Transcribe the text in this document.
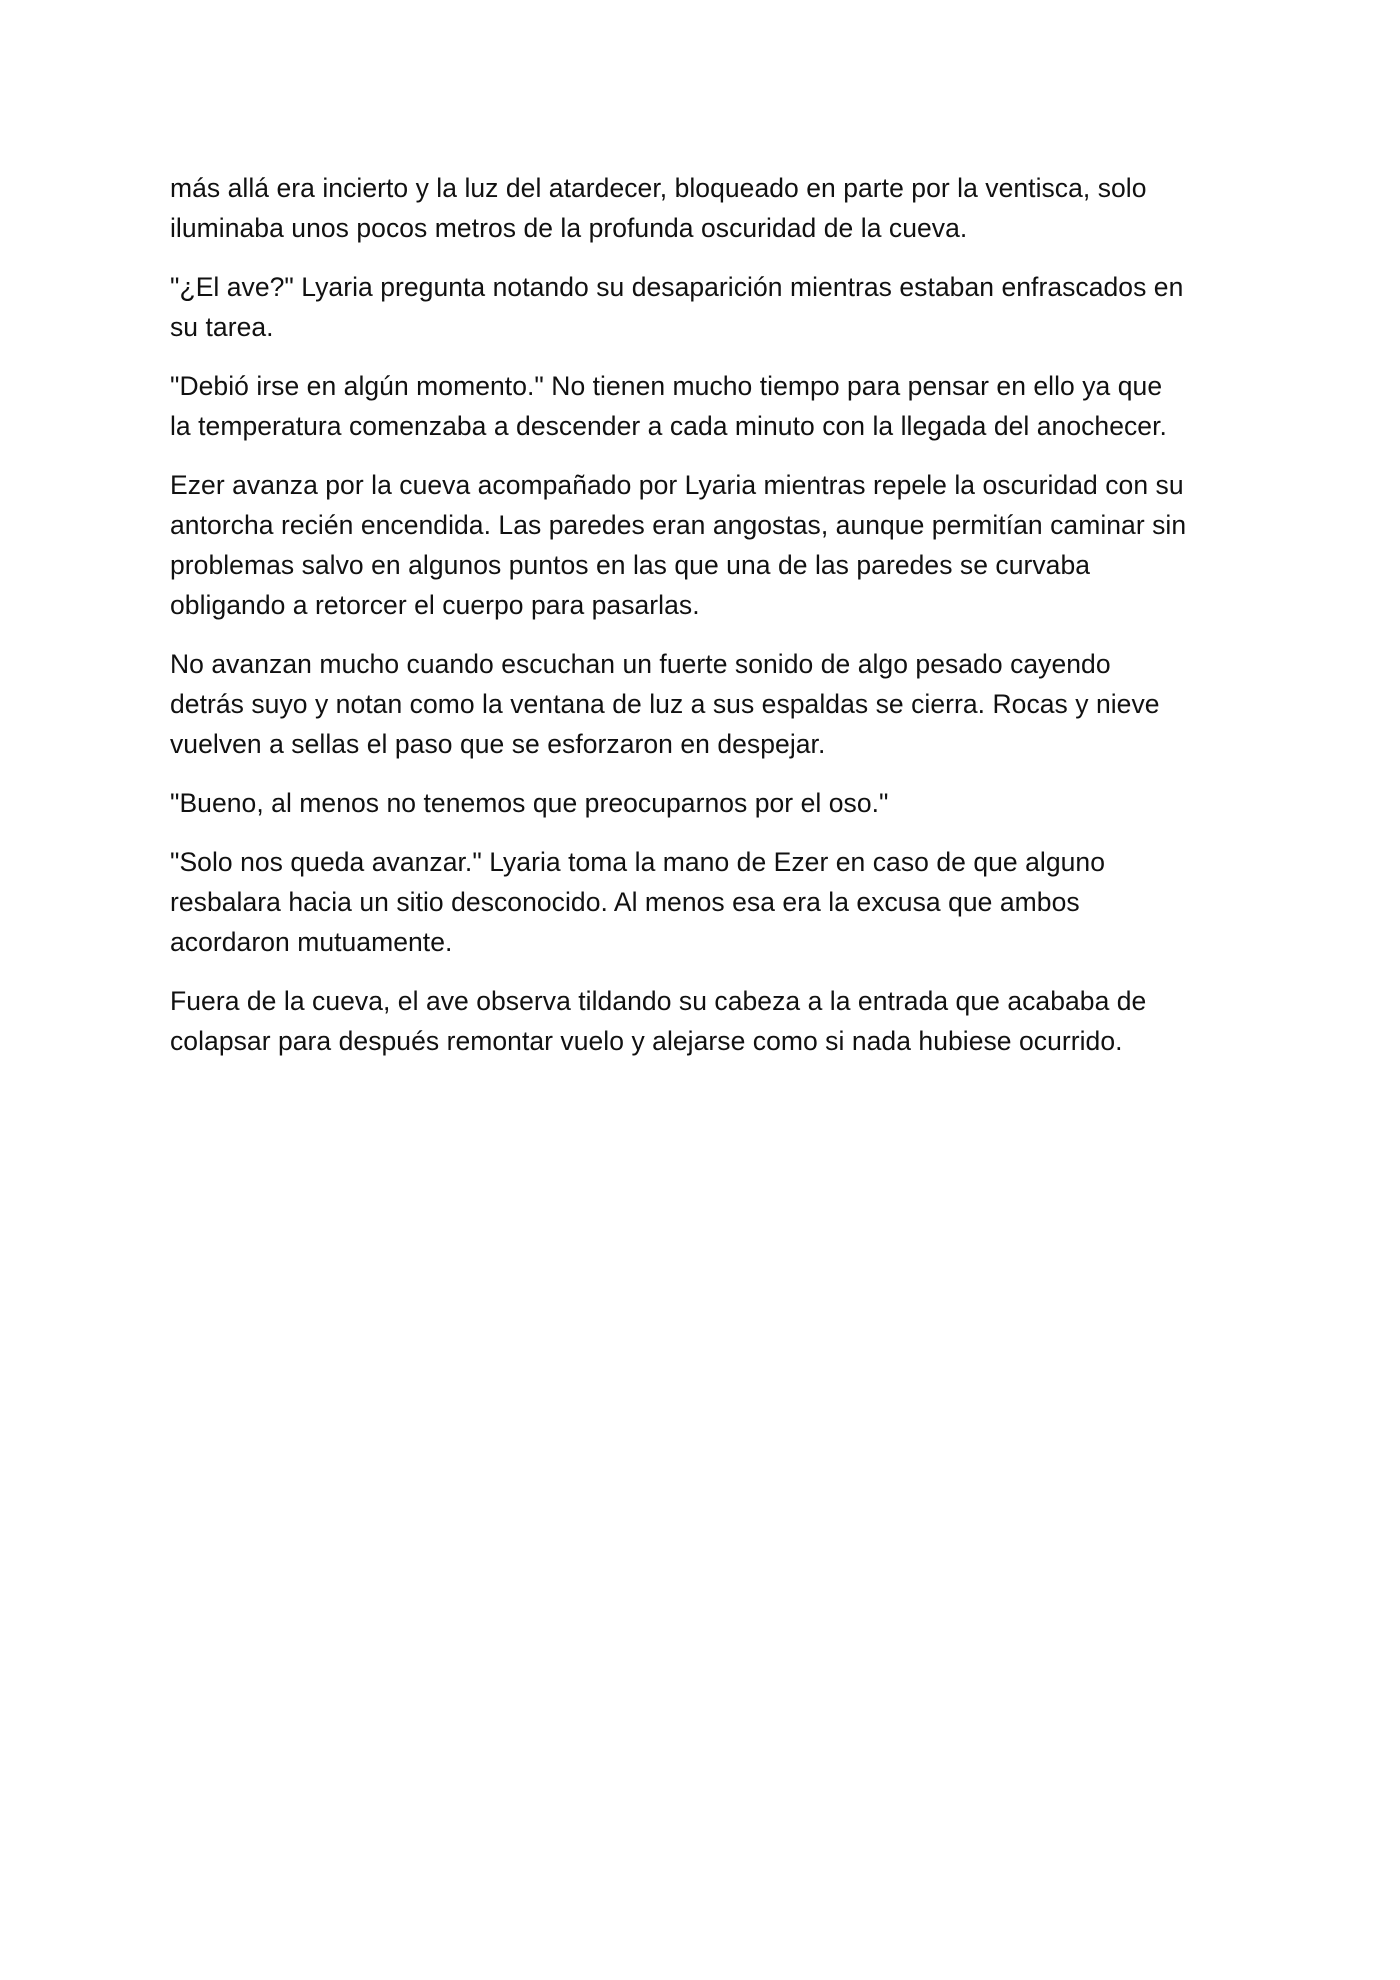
más allá era incierto y la luz del atardecer, bloqueado en parte por la ventisca, solo
iluminaba unos pocos metros de la profunda oscuridad de la cueva.

"¿El ave?" Lyaria pregunta notando su desaparición mientras estaban enfrascados en
su tarea.

"Debió irse en algún momento." No tienen mucho tiempo para pensar en ello ya que
la temperatura comenzaba a descender a cada minuto con la llegada del anochecer.

Ezer avanza por la cueva acompañado por Lyaria mientras repele la oscuridad con su
antorcha recién encendida. Las paredes eran angostas, aunque permitían caminar sin
problemas salvo en algunos puntos en las que una de las paredes se curvaba
obligando a retorcer el cuerpo para pasarlas.

No avanzan mucho cuando escuchan un fuerte sonido de algo pesado cayendo
detrás suyo y notan como la ventana de luz a sus espaldas se cierra. Rocas y nieve
vuelven a sellas el paso que se esforzaron en despejar.

"Bueno, al menos no tenemos que preocuparnos por el oso."

"Solo nos queda avanzar." Lyaria toma la mano de Ezer en caso de que alguno
resbalara hacia un sitio desconocido. Al menos esa era la excusa que ambos
acordaron mutuamente.

Fuera de la cueva, el ave observa tildando su cabeza a la entrada que acababa de
colapsar para después remontar vuelo y alejarse como si nada hubiese ocurrido.
